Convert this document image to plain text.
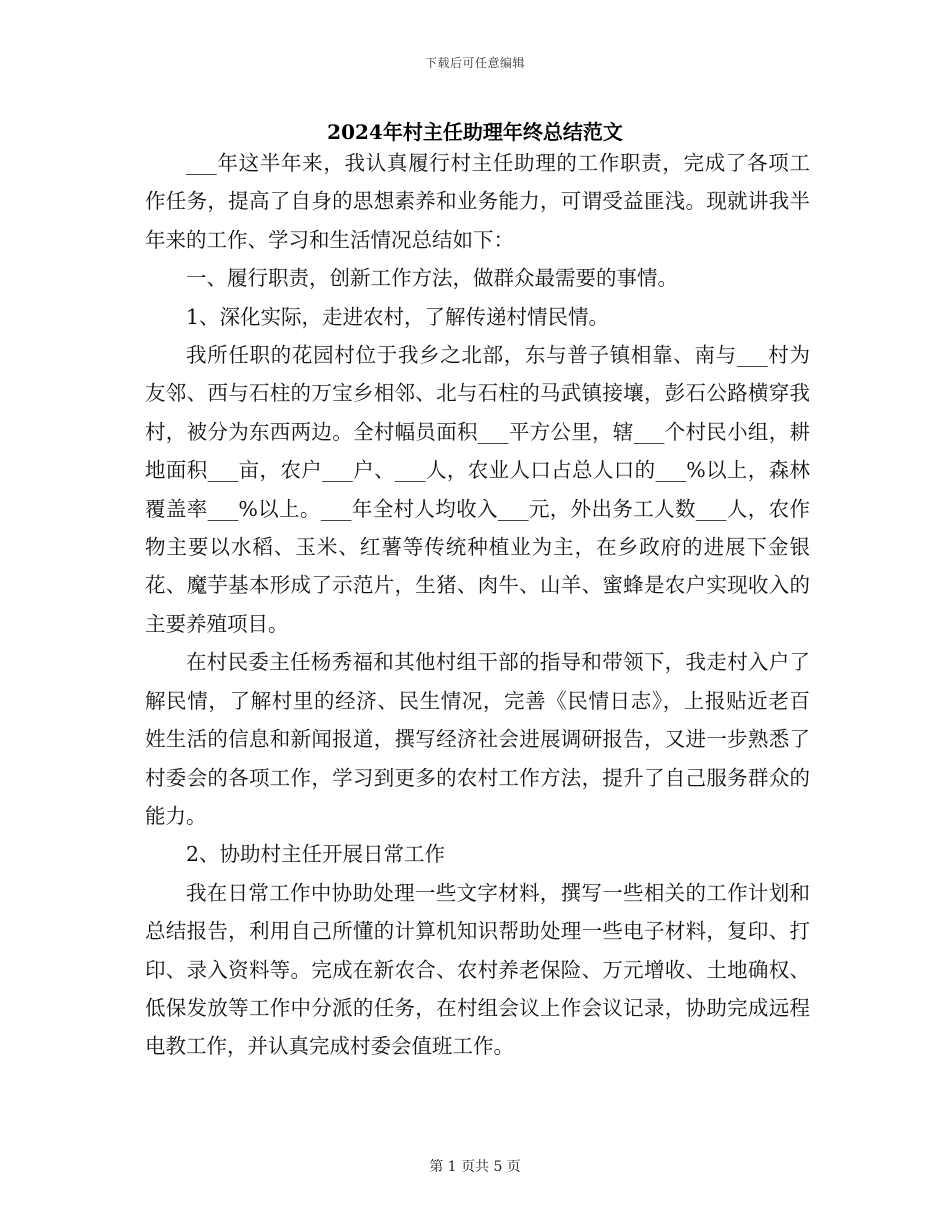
下载后可任意编辑
2024年村主任助理年终总结范文

___年这半年来，我认真履行村主任助理的工作职责，完成了各项工作任务，提高了自身的思想素养和业务能力，可谓受益匪浅。现就讲我半年来的工作、学习和生活情况总结如下：

一、履行职责，创新工作方法，做群众最需要的事情。

1、深化实际，走进农村，了解传递村情民情。

我所任职的花园村位于我乡之北部，东与普子镇相靠、南与___村为友邻、西与石柱的万宝乡相邻、北与石柱的马武镇接壤，彭石公路横穿我村，被分为东西两边。全村幅员面积___平方公里，辖___个村民小组，耕地面积___亩，农户___户、___人，农业人口占总人口的___%以上，森林覆盖率___%以上。___年全村人均收入___元，外出务工人数___人，农作物主要以水稻、玉米、红薯等传统种植业为主，在乡政府的进展下金银花、魔芋基本形成了示范片，生猪、肉牛、山羊、蜜蜂是农户实现收入的主要养殖项目。

在村民委主任杨秀福和其他村组干部的指导和带领下，我走村入户了解民情，了解村里的经济、民生情况，完善《民情日志》，上报贴近老百姓生活的信息和新闻报道，撰写经济社会进展调研报告，又进一步熟悉了村委会的各项工作，学习到更多的农村工作方法，提升了自己服务群众的能力。

2、协助村主任开展日常工作

我在日常工作中协助处理一些文字材料，撰写一些相关的工作计划和总结报告，利用自己所懂的计算机知识帮助处理一些电子材料，复印、打印、录入资料等。完成在新农合、农村养老保险、万元增收、土地确权、低保发放等工作中分派的任务，在村组会议上作会议记录，协助完成远程电教工作，并认真完成村委会值班工作。

第 1 页共 5 页
